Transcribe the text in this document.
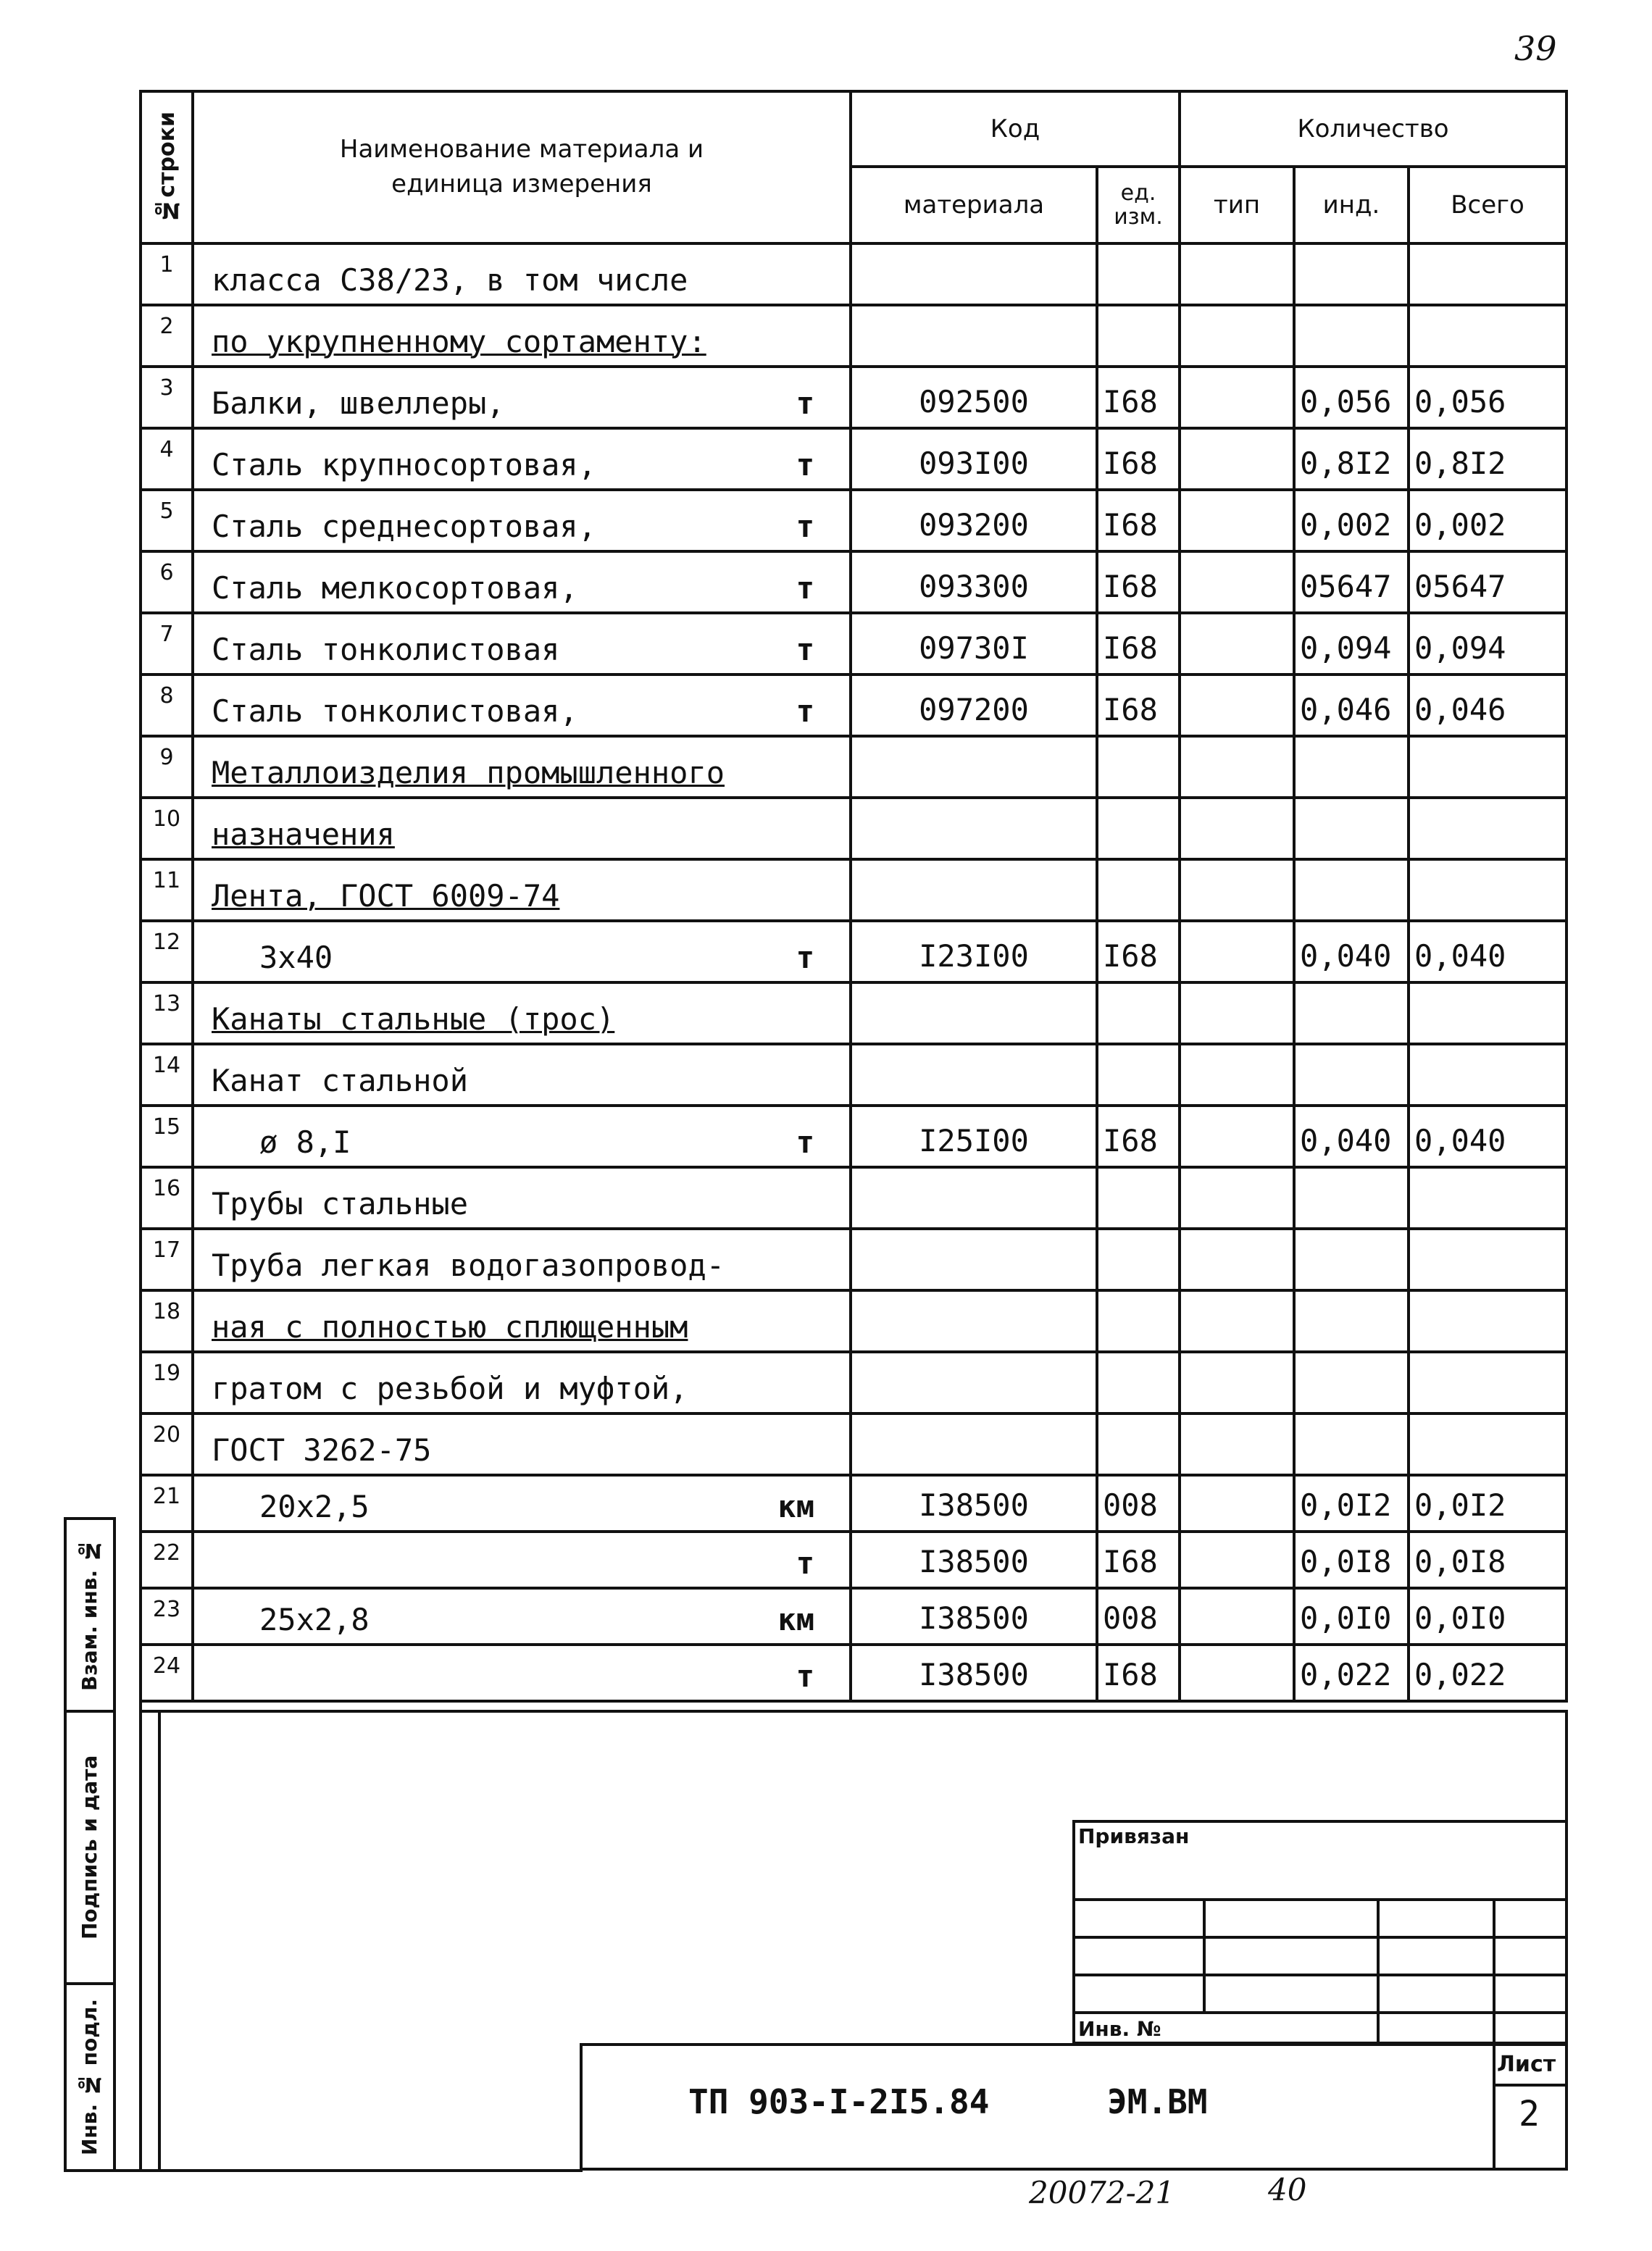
39
№строки	Наименование материала и единица измерения	Код		Количество		
		материала	ед. изм.	тип	инд.	Всего
1	класса С38/23, в том числе					

2	по укрупненному сортаменту:					

3	Балки, швеллеры, т	092500	I68		0,056	0,056
4	Сталь крупносортовая, т	093I00	I68		0,8I2	0,8I2
5	Сталь среднесортовая, т	093200	I68		0,002	0,002
6	Сталь мелкосортовая, т	093300	I68		05647	05647
7	Сталь тонколистовая т	09730I	I68		0,094	0,094
8	Сталь тонколистовая, т	097200	I68		0,046	0,046
9	Металлоизделия промышленного					

10	назначения					

11	Лента, ГОСТ 6009-74					

12	3х40 т	I23I00	I68		0,040	0,040
13	Канаты стальные (трос)					

14	Канат стальной					

15	ø 8,I т	I25I00	I68		0,040	0,040
16	Трубы стальные					

17	Труба легкая водогазопровод-					

18	ная с полностью сплющенным					

19	гратом с резьбой и муфтой,					

20	ГОСТ 3262-75					

21	20х2,5 км	I38500	008		0,0I2	0,0I2
22	т	I38500	I68		0,0I8	0,0I8
23	25х2,8 км	I38500	008		0,0I0	0,0I0
24	т	I38500	I68		0,022	0,022
Взам. инв. №
Подпись и дата
Инв. № подл.
Привязан
Инв. №
ТП 903-I-2I5.84	ЭМ.ВМ
Лист
2
20072-21	40
